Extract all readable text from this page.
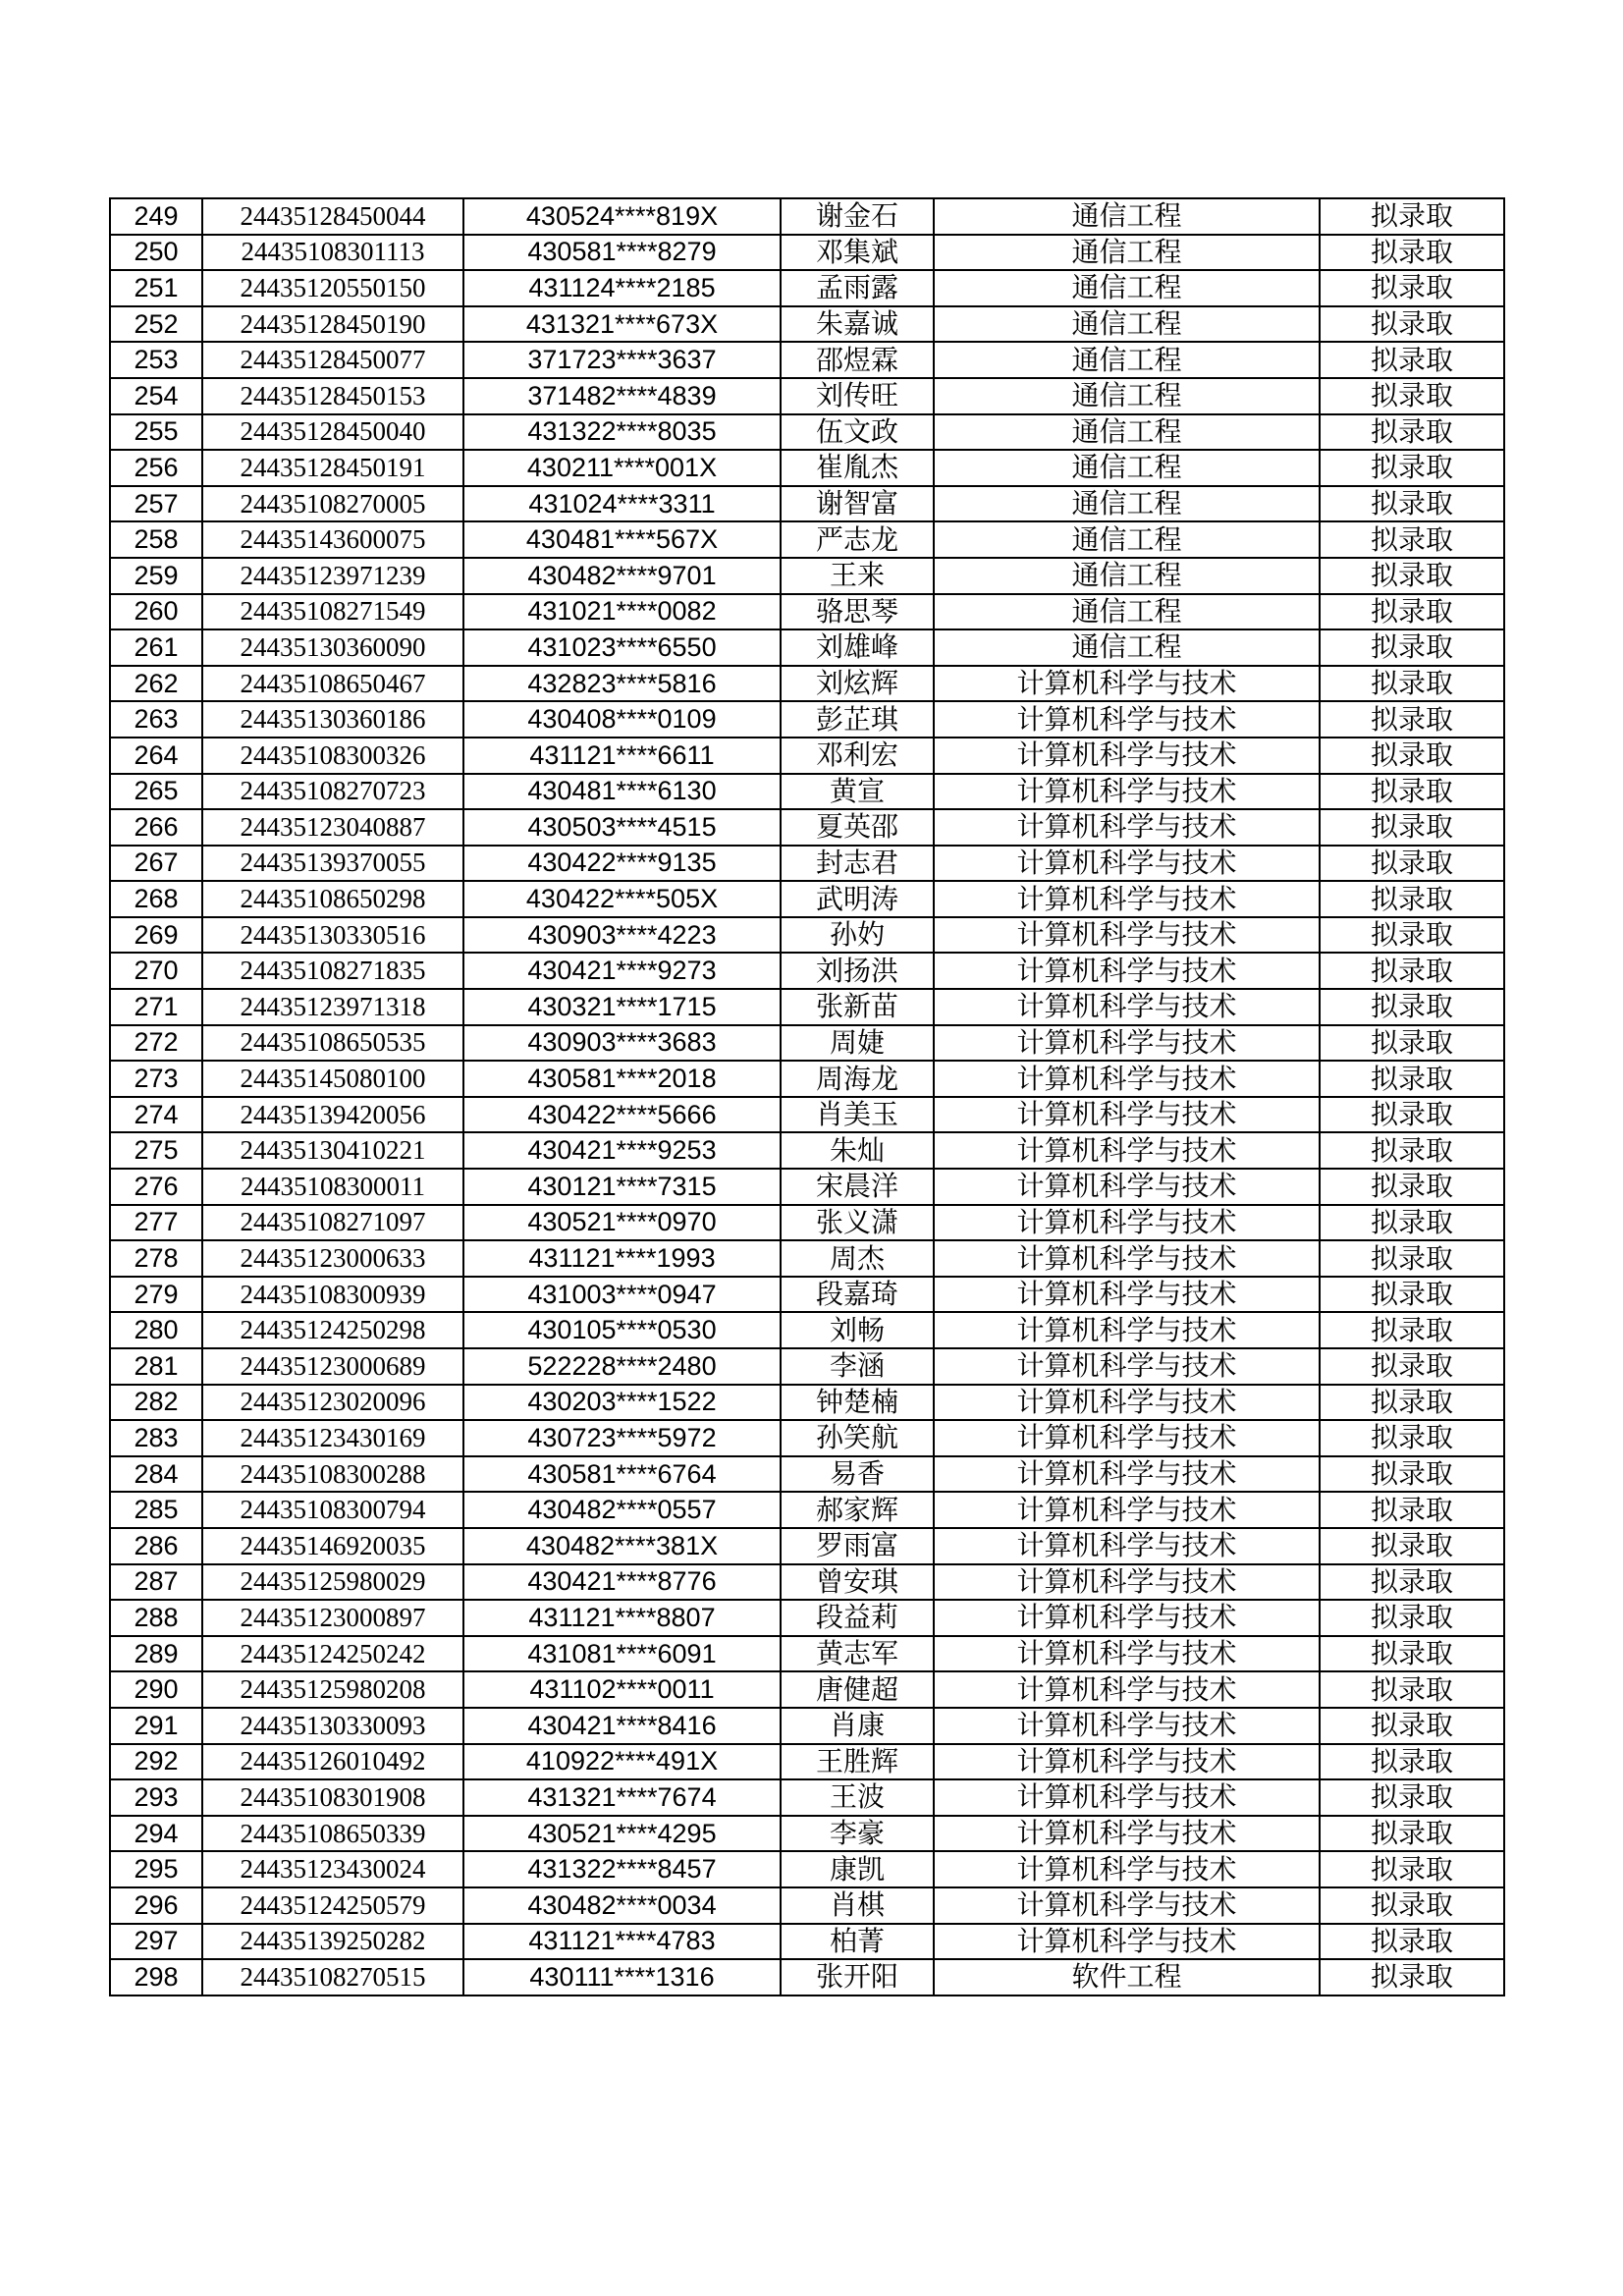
249	24435128450044	430524****819X	谢金石	通信工程	拟录取
250	24435108301113	430581****8279	邓集斌	通信工程	拟录取
251	24435120550150	431124****2185	孟雨露	通信工程	拟录取
252	24435128450190	431321****673X	朱嘉诚	通信工程	拟录取
253	24435128450077	371723****3637	邵煜霖	通信工程	拟录取
254	24435128450153	371482****4839	刘传旺	通信工程	拟录取
255	24435128450040	431322****8035	伍文政	通信工程	拟录取
256	24435128450191	430211****001X	崔胤杰	通信工程	拟录取
257	24435108270005	431024****3311	谢智富	通信工程	拟录取
258	24435143600075	430481****567X	严志龙	通信工程	拟录取
259	24435123971239	430482****9701	王来	通信工程	拟录取
260	24435108271549	431021****0082	骆思琴	通信工程	拟录取
261	24435130360090	431023****6550	刘雄峰	通信工程	拟录取
262	24435108650467	432823****5816	刘炫辉	计算机科学与技术	拟录取
263	24435130360186	430408****0109	彭芷琪	计算机科学与技术	拟录取
264	24435108300326	431121****6611	邓利宏	计算机科学与技术	拟录取
265	24435108270723	430481****6130	黄宣	计算机科学与技术	拟录取
266	24435123040887	430503****4515	夏英邵	计算机科学与技术	拟录取
267	24435139370055	430422****9135	封志君	计算机科学与技术	拟录取
268	24435108650298	430422****505X	武明涛	计算机科学与技术	拟录取
269	24435130330516	430903****4223	孙妁	计算机科学与技术	拟录取
270	24435108271835	430421****9273	刘扬洪	计算机科学与技术	拟录取
271	24435123971318	430321****1715	张新苗	计算机科学与技术	拟录取
272	24435108650535	430903****3683	周婕	计算机科学与技术	拟录取
273	24435145080100	430581****2018	周海龙	计算机科学与技术	拟录取
274	24435139420056	430422****5666	肖美玉	计算机科学与技术	拟录取
275	24435130410221	430421****9253	朱灿	计算机科学与技术	拟录取
276	24435108300011	430121****7315	宋晨洋	计算机科学与技术	拟录取
277	24435108271097	430521****0970	张义潇	计算机科学与技术	拟录取
278	24435123000633	431121****1993	周杰	计算机科学与技术	拟录取
279	24435108300939	431003****0947	段嘉琦	计算机科学与技术	拟录取
280	24435124250298	430105****0530	刘畅	计算机科学与技术	拟录取
281	24435123000689	522228****2480	李涵	计算机科学与技术	拟录取
282	24435123020096	430203****1522	钟楚楠	计算机科学与技术	拟录取
283	24435123430169	430723****5972	孙笑航	计算机科学与技术	拟录取
284	24435108300288	430581****6764	易香	计算机科学与技术	拟录取
285	24435108300794	430482****0557	郝家辉	计算机科学与技术	拟录取
286	24435146920035	430482****381X	罗雨富	计算机科学与技术	拟录取
287	24435125980029	430421****8776	曾安琪	计算机科学与技术	拟录取
288	24435123000897	431121****8807	段益莉	计算机科学与技术	拟录取
289	24435124250242	431081****6091	黄志军	计算机科学与技术	拟录取
290	24435125980208	431102****0011	唐健超	计算机科学与技术	拟录取
291	24435130330093	430421****8416	肖康	计算机科学与技术	拟录取
292	24435126010492	410922****491X	王胜辉	计算机科学与技术	拟录取
293	24435108301908	431321****7674	王波	计算机科学与技术	拟录取
294	24435108650339	430521****4295	李豪	计算机科学与技术	拟录取
295	24435123430024	431322****8457	康凯	计算机科学与技术	拟录取
296	24435124250579	430482****0034	肖棋	计算机科学与技术	拟录取
297	24435139250282	431121****4783	柏菁	计算机科学与技术	拟录取
298	24435108270515	430111****1316	张开阳	软件工程	拟录取
